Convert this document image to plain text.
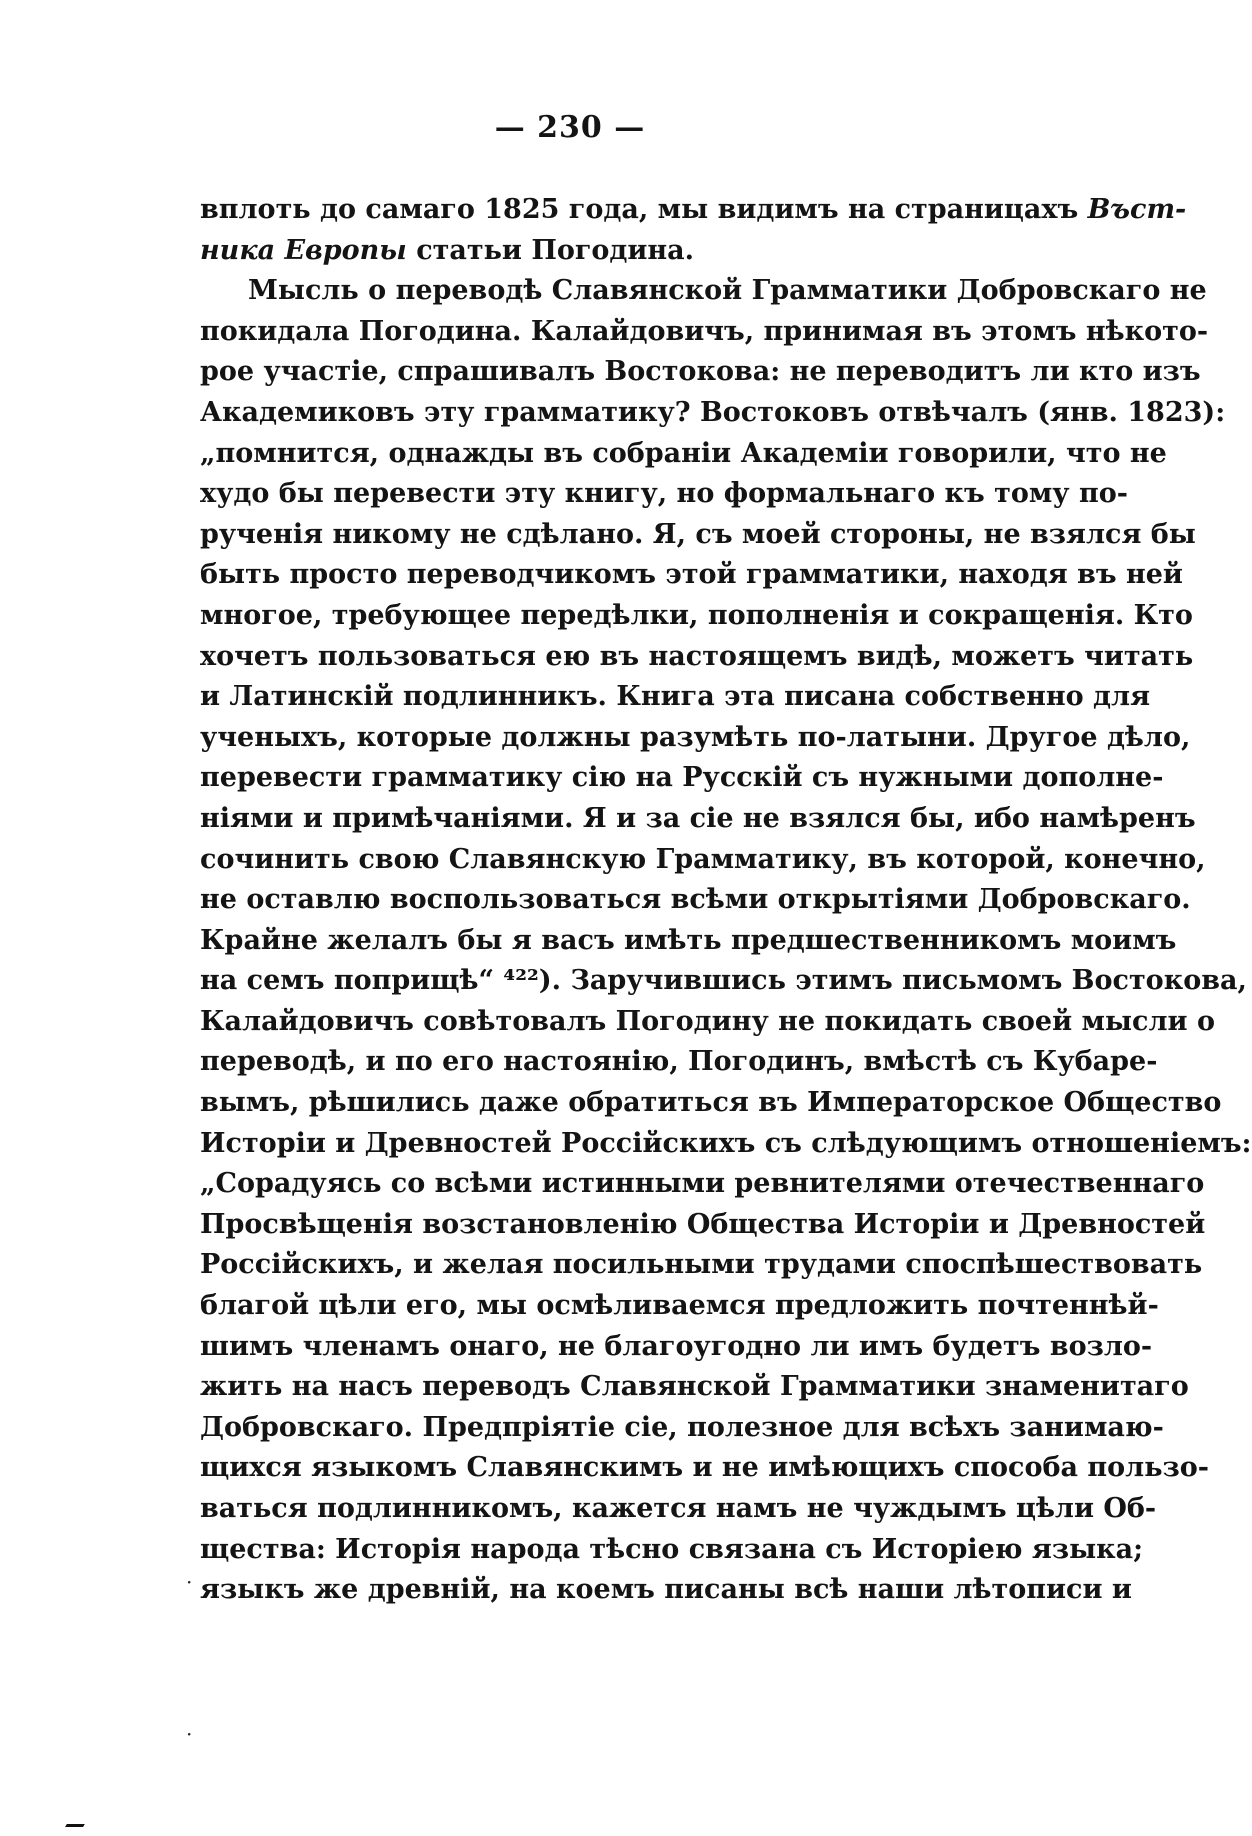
— 230 —
вплоть до самаго 1825 года, мы видимъ на страницахъ Въст-
ника Европы статьи Погодина.
Мысль о переводѣ Славянской Грамматики Добровскаго не
покидала Погодина. Калайдовичъ, принимая въ этомъ нѣкото-
рое участіе, спрашивалъ Востокова: не переводитъ ли кто изъ
Академиковъ эту грамматику? Востоковъ отвѣчалъ (янв. 1823):
„помнится, однажды въ собраніи Академіи говорили, что не
худо бы перевести эту книгу, но формальнаго къ тому по-
рученія никому не сдѣлано. Я, съ моей стороны, не взялся бы
быть просто переводчикомъ этой грамматики, находя въ ней
многое, требующее передѣлки, пополненія и сокращенія. Кто
хочетъ пользоваться ею въ настоящемъ видѣ, можетъ читать
и Латинскій подлинникъ. Книга эта писана собственно для
ученыхъ, которые должны разумѣть по-латыни. Другое дѣло,
перевести грамматику сію на Русскій съ нужными дополне-
ніями и примѣчаніями. Я и за сіе не взялся бы, ибо намѣренъ
сочинить свою Славянскую Грамматику, въ которой, конечно,
не оставлю воспользоваться всѣми открытіями Добровскаго.
Крайне желалъ бы я васъ имѣть предшественникомъ моимъ
на семъ поприщѣ“ ⁴²²). Заручившись этимъ письмомъ Востокова,
Калайдовичъ совѣтовалъ Погодину не покидать своей мысли о
переводѣ, и по его настоянію, Погодинъ, вмѣстѣ съ Кубаре-
вымъ, рѣшились даже обратиться въ Императорское Общество
Исторіи и Древностей Россійскихъ съ слѣдующимъ отношеніемъ:
„Сорадуясь со всѣми истинными ревнителями отечественнаго
Просвѣщенія возстановленію Общества Исторіи и Древностей
Россійскихъ, и желая посильными трудами споспѣшествовать
благой цѣли его, мы осмѣливаемся предложить почтеннѣй-
шимъ членамъ онаго, не благоугодно ли имъ будетъ возло-
жить на насъ переводъ Славянской Грамматики знаменитаго
Добровскаго. Предпріятіе сіе, полезное для всѣхъ занимаю-
щихся языкомъ Славянскимъ и не имѣющихъ способа пользо-
ваться подлинникомъ, кажется намъ не чуждымъ цѣли Об-
щества: Исторія народа тѣсно связана съ Исторіею языка;
языкъ же древній, на коемъ писаны всѣ наши лѣтописи и
·
·
